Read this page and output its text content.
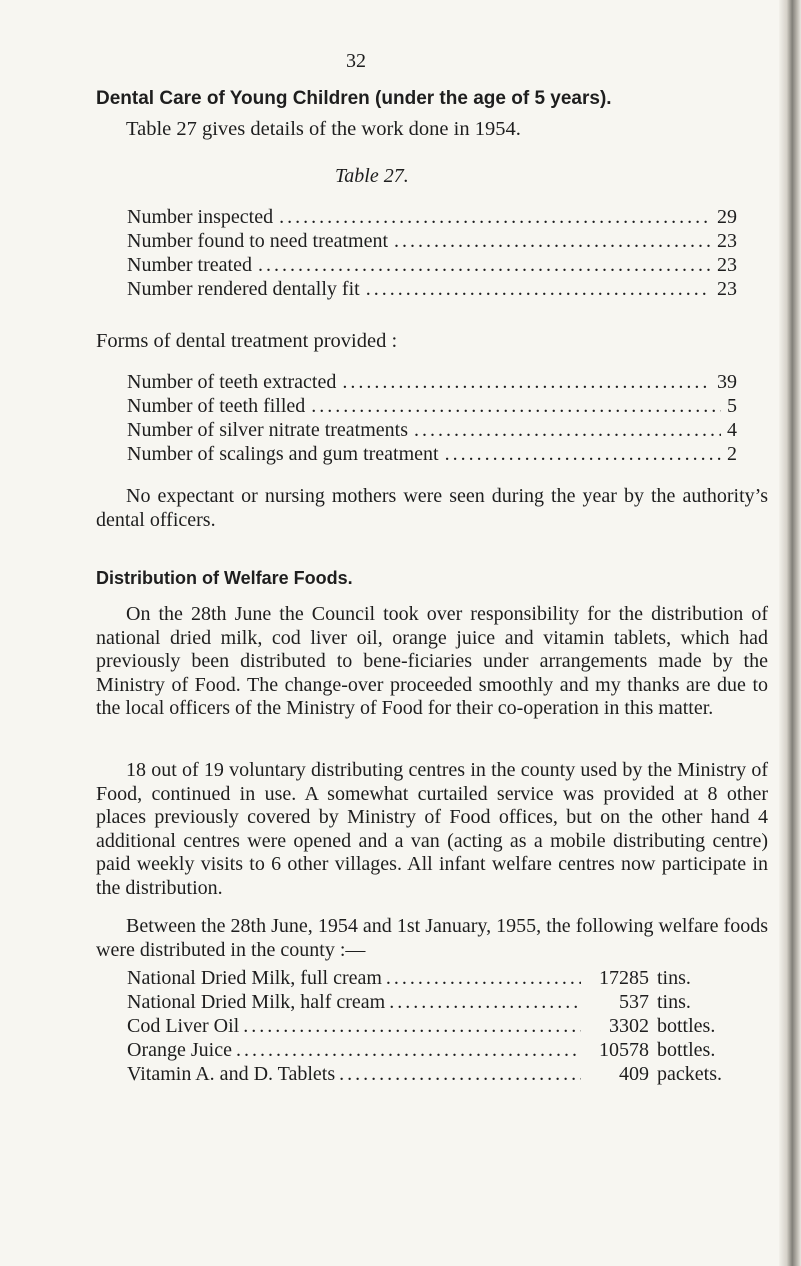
32
Dental Care of Young Children (under the age of 5 years).
Table 27 gives details of the work done in 1954.
Table 27.
Number inspected .....	29
Number found to need treatment .....	23
Number treated .....	23
Number rendered dentally fit .....	23
Forms of dental treatment provided :
Number of teeth extracted .....	39
Number of teeth filled .....	5
Number of silver nitrate treatments .....	4
Number of scalings and gum treatment .....	2
No expectant or nursing mothers were seen during the year by the authority’s dental officers.
Distribution of Welfare Foods.
On the 28th June the Council took over responsibility for the distribution of national dried milk, cod liver oil, orange juice and vitamin tablets, which had previously been distributed to bene-ficiaries under arrangements made by the Ministry of Food. The change-over proceeded smoothly and my thanks are due to the local officers of the Ministry of Food for their co-operation in this matter.
18 out of 19 voluntary distributing centres in the county used by the Ministry of Food, continued in use. A somewhat curtailed service was provided at 8 other places previously covered by Ministry of Food offices, but on the other hand 4 additional centres were opened and a van (acting as a mobile distributing centre) paid weekly visits to 6 other villages. All infant welfare centres now participate in the distribution.
Between the 28th June, 1954 and 1st January, 1955, the following welfare foods were distributed in the county :—
National Dried Milk, full cream .....	17285 tins.
National Dried Milk, half cream .....	537 tins.
Cod Liver Oil .....	3302 bottles.
Orange Juice .....	10578 bottles.
Vitamin A. and D. Tablets .....	409 packets.
